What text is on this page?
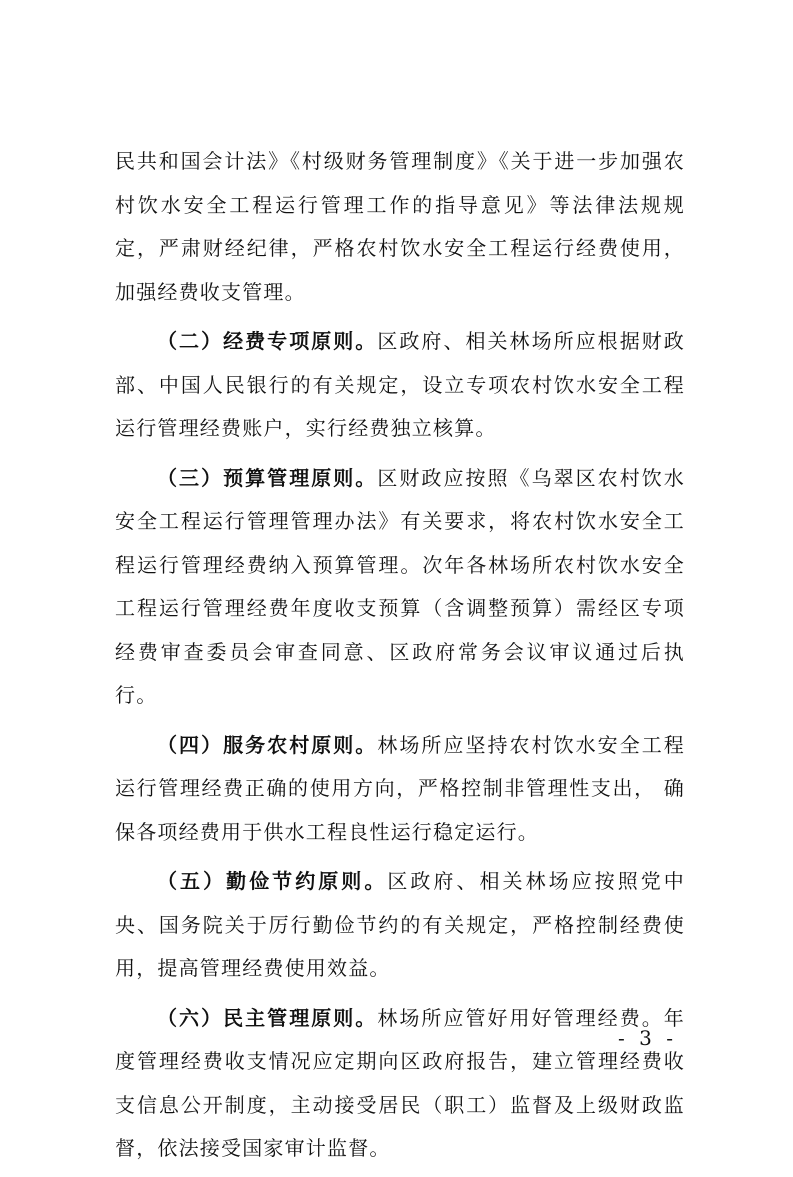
民共和国会计法》《村级财务管理制度》《关于进一步加强农村饮水安全工程运行管理工作的指导意见》等法律法规规定，严肃财经纪律，严格农村饮水安全工程运行经费使用，加强经费收支管理。

（二）经费专项原则。区政府、相关林场所应根据财政部、中国人民银行的有关规定，设立专项农村饮水安全工程运行管理经费账户，实行经费独立核算。

（三）预算管理原则。区财政应按照《乌翠区农村饮水安全工程运行管理管理办法》有关要求，将农村饮水安全工程运行管理经费纳入预算管理。次年各林场所农村饮水安全工程运行管理经费年度收支预算（含调整预算）需经区专项经费审查委员会审查同意、区政府常务会议审议通过后执行。

（四）服务农村原则。林场所应坚持农村饮水安全工程运行管理经费正确的使用方向，严格控制非管理性支出， 确保各项经费用于供水工程良性运行稳定运行。

（五）勤俭节约原则。区政府、相关林场应按照党中央、国务院关于厉行勤俭节约的有关规定，严格控制经费使用，提高管理经费使用效益。

（六）民主管理原则。林场所应管好用好管理经费。年度管理经费收支情况应定期向区政府报告，建立管理经费收支信息公开制度，主动接受居民（职工）监督及上级财政监督，依法接受国家审计监督。

- 3 -
